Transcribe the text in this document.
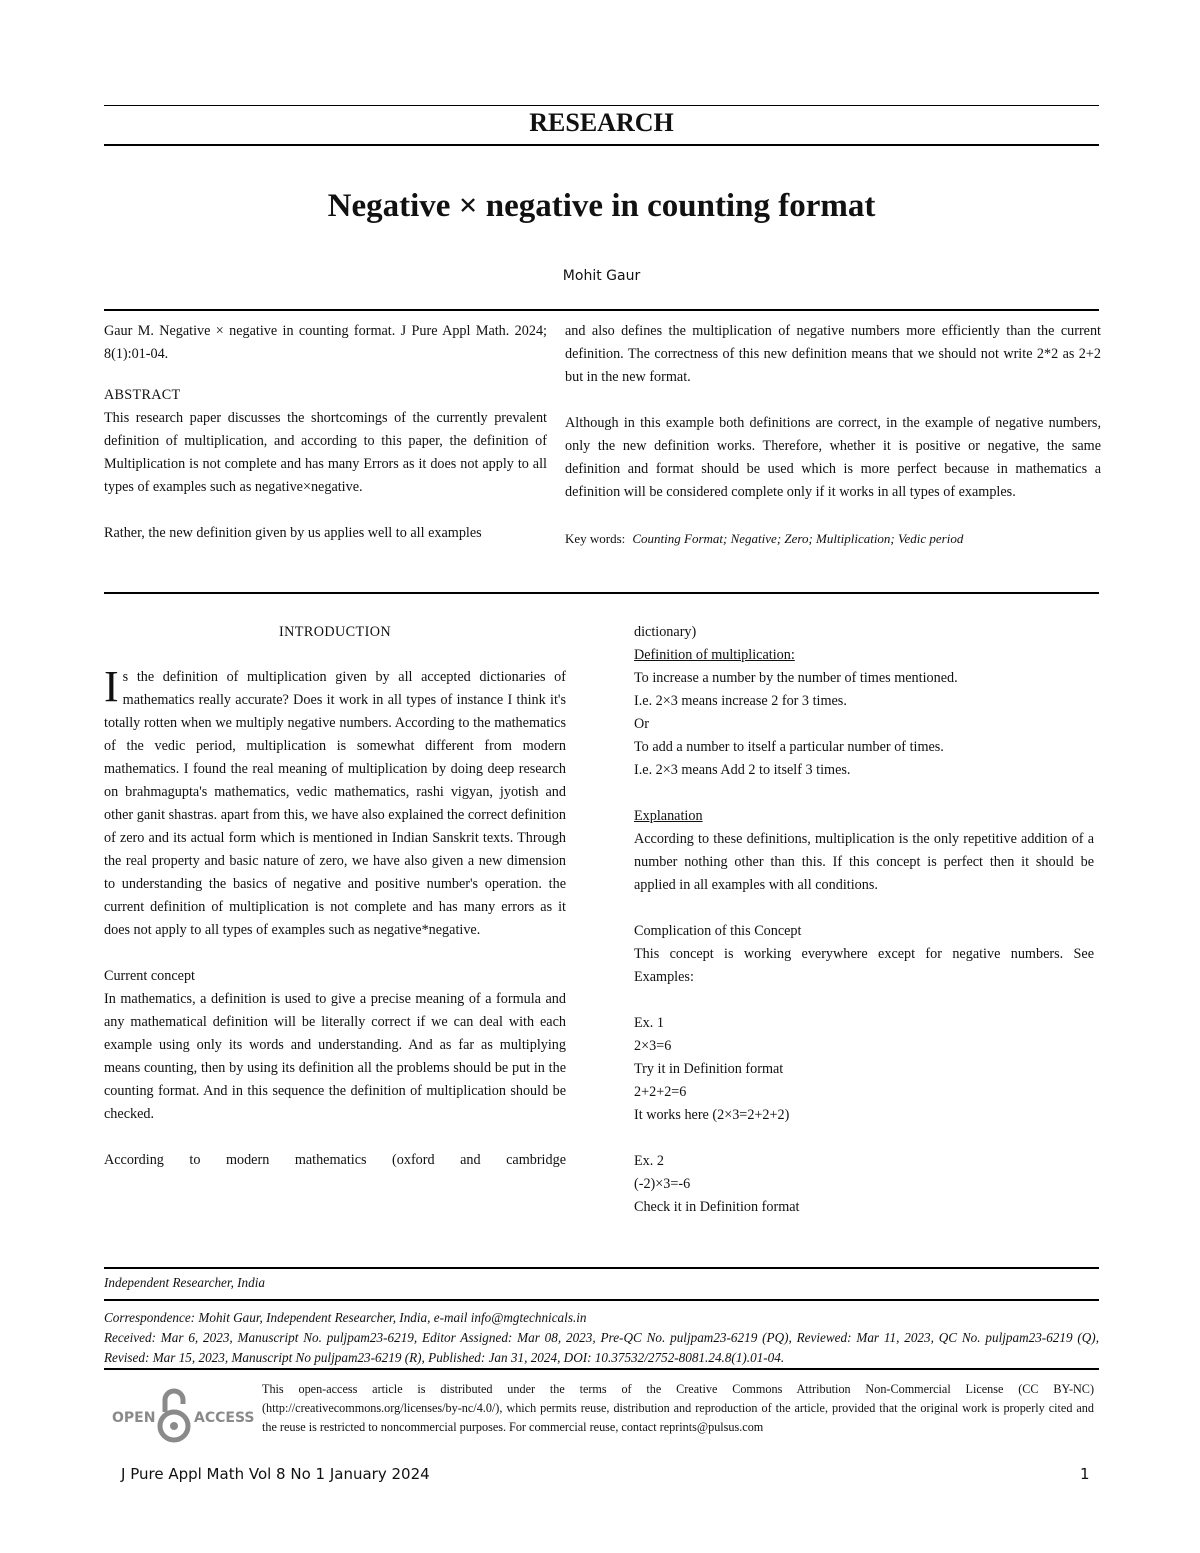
RESEARCH
Negative × negative in counting format
Mohit Gaur

Gaur M. Negative × negative in counting format. J Pure Appl Math. 2024; 8(1):01-04.

ABSTRACT

This research paper discusses the shortcomings of the currently prevalent definition of multiplication, and according to this paper, the definition of Multiplication is not complete and has many Errors as it does not apply to all types of examples such as negative×negative.

Rather, the new definition given by us applies well to all examples

and also defines the multiplication of negative numbers more efficiently than the current definition. The correctness of this new definition means that we should not write 2*2 as 2+2 but in the new format.

Although in this example both definitions are correct, in the example of negative numbers, only the new definition works. Therefore, whether it is positive or negative, the same definition and format should be used which is more perfect because in mathematics a definition will be considered complete only if it works in all types of examples.

Key words: Counting Format; Negative; Zero; Multiplication; Vedic period

INTRODUCTION

Is the definition of multiplication given by all accepted dictionaries of mathematics really accurate? Does it work in all types of instance I think it's totally rotten when we multiply negative numbers. According to the mathematics of the vedic period, multiplication is somewhat different from modern mathematics. I found the real meaning of multiplication by doing deep research on brahmagupta's mathematics, vedic mathematics, rashi vigyan, jyotish and other ganit shastras. apart from this, we have also explained the correct definition of zero and its actual form which is mentioned in Indian Sanskrit texts. Through the real property and basic nature of zero, we have also given a new dimension to understanding the basics of negative and positive number's operation. the current definition of multiplication is not complete and has many errors as it does not apply to all types of examples such as negative*negative.

Current concept

In mathematics, a definition is used to give a precise meaning of a formula and any mathematical definition will be literally correct if we can deal with each example using only its words and understanding. And as far as multiplying means counting, then by using its definition all the problems should be put in the counting format. And in this sequence the definition of multiplication should be checked.

According to modern mathematics (oxford and cambridge

dictionary)

Definition of multiplication:

To increase a number by the number of times mentioned.

I.e. 2×3 means increase 2 for 3 times.

Or

To add a number to itself a particular number of times.

I.e. 2×3 means Add 2 to itself 3 times.

Explanation

According to these definitions, multiplication is the only repetitive addition of a number nothing other than this. If this concept is perfect then it should be applied in all examples with all conditions.

Complication of this Concept

This concept is working everywhere except for negative numbers. See Examples:

Ex. 1

2×3=6

Try it in Definition format

2+2+2=6

It works here (2×3=2+2+2)

Ex. 2

(-2)×3=-6

Check it in Definition format

Independent Researcher, India
Correspondence: Mohit Gaur, Independent Researcher, India, e-mail info@mgtechnicals.in
Received: Mar 6, 2023, Manuscript No. puljpam23-6219, Editor Assigned: Mar 08, 2023, Pre-QC No. puljpam23-6219 (PQ), Reviewed: Mar 11, 2023, QC No. puljpam23-6219 (Q), Revised: Mar 15, 2023, Manuscript No puljpam23-6219 (R), Published: Jan 31, 2024, DOI: 10.37532/2752-8081.24.8(1).01-04.
OPEN	ACCESS
This open-access article is distributed under the terms of the Creative Commons Attribution Non-Commercial License (CC BY-NC) (http://creativecommons.org/licenses/by-nc/4.0/), which permits reuse, distribution and reproduction of the article, provided that the original work is properly cited and the reuse is restricted to noncommercial purposes. For commercial reuse, contact reprints@pulsus.com
J Pure Appl Math Vol 8 No 1 January 2024	1
